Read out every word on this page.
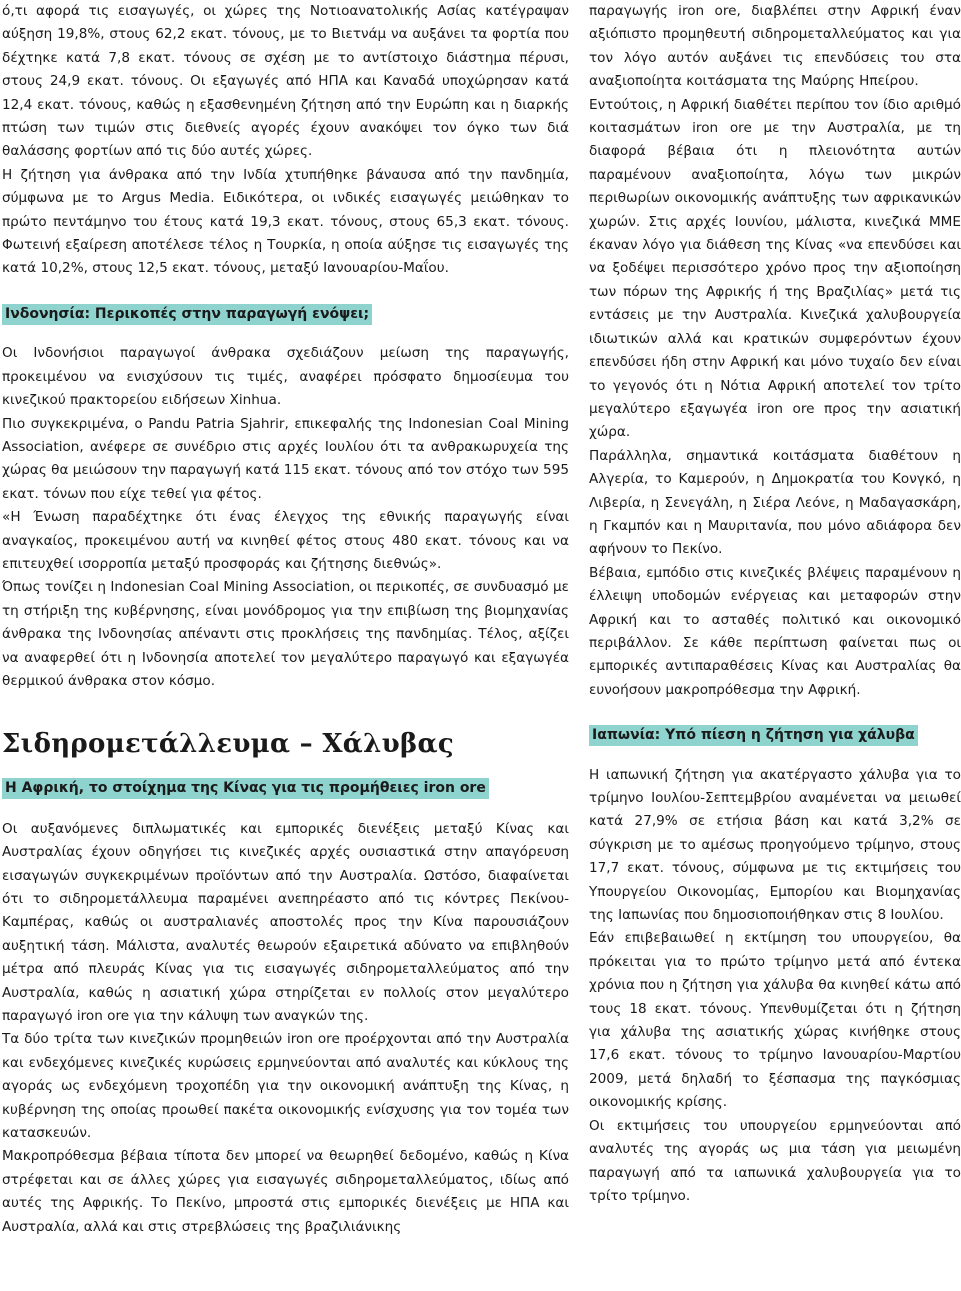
ό,τι αφορά τις εισαγωγές, οι χώρες της Νοτιοανατολικής Ασίας κατέγραψαν αύξηση 19,8%, στους 62,2 εκατ. τόνους, με το Βιετνάμ να αυξάνει τα φορτία που δέχτηκε κατά 7,8 εκατ. τόνους σε σχέση με το αντίστοιχο διάστημα πέρυσι, στους 24,9 εκατ. τόνους. Οι εξαγωγές από ΗΠΑ και Καναδά υποχώρησαν κατά 12,4 εκατ. τόνους, καθώς η εξασθενημένη ζήτηση από την Ευρώπη και η διαρκής πτώση των τιμών στις διεθνείς αγορές έχουν ανακόψει τον όγκο των διά θαλάσσης φορτίων από τις δύο αυτές χώρες.

Η ζήτηση για άνθρακα από την Ινδία χτυπήθηκε βάναυσα από την πανδημία, σύμφωνα με το Argus Media. Ειδικότερα, οι ινδικές εισαγωγές μειώθηκαν το πρώτο πεντάμηνο του έτους κατά 19,3 εκατ. τόνους, στους 65,3 εκατ. τόνους. Φωτεινή εξαίρεση αποτέλεσε τέλος η Τουρκία, η οποία αύξησε τις εισαγωγές της κατά 10,2%, στους 12,5 εκατ. τόνους, μεταξύ Ιανουαρίου-Μαΐου.

Ινδονησία: Περικοπές στην παραγωγή ενόψει;

Οι Ινδονήσιοι παραγωγοί άνθρακα σχεδιάζουν μείωση της παραγωγής, προκειμένου να ενισχύσουν τις τιμές, αναφέρει πρόσφατο δημοσίευμα του κινεζικού πρακτορείου ειδήσεων Xinhua.

Πιο συγκεκριμένα, ο Pandu Patria Sjahrir, επικεφαλής της Indonesian Coal Mining Association, ανέφερε σε συνέδριο στις αρχές Ιουλίου ότι τα ανθρακωρυχεία της χώρας θα μειώσουν την παραγωγή κατά 115 εκατ. τόνους από τον στόχο των 595 εκατ. τόνων που είχε τεθεί για φέτος.

«Η Ένωση παραδέχτηκε ότι ένας έλεγχος της εθνικής παραγωγής είναι αναγκαίος, προκειμένου αυτή να κινηθεί φέτος στους 480 εκατ. τόνους και να επιτευχθεί ισορροπία μεταξύ προσφοράς και ζήτησης διεθνώς».

Όπως τονίζει η Indonesian Coal Mining Association, οι περικοπές, σε συνδυασμό με τη στήριξη της κυβέρνησης, είναι μονόδρομος για την επιβίωση της βιομηχανίας άνθρακα της Ινδονησίας απέναντι στις προκλήσεις της πανδημίας. Τέλος, αξίζει να αναφερθεί ότι η Ινδονησία αποτελεί τον μεγαλύτερο παραγωγό και εξαγωγέα θερμικού άνθρακα στον κόσμο.

Σιδηρομετάλλευμα – Χάλυβας
Η Αφρική, το στοίχημα της Κίνας για τις προμήθειες iron ore

Οι αυξανόμενες διπλωματικές και εμπορικές διενέξεις μεταξύ Κίνας και Αυστραλίας έχουν οδηγήσει τις κινεζικές αρχές ουσιαστικά στην απαγόρευση εισαγωγών συγκεκριμένων προϊόντων από την Αυστραλία. Ωστόσο, διαφαίνεται ότι το σιδηρομετάλλευμα παραμένει ανεπηρέαστο από τις κόντρες Πεκίνου-Καμπέρας, καθώς οι αυστραλιανές αποστολές προς την Κίνα παρουσιάζουν αυξητική τάση. Μάλιστα, αναλυτές θεωρούν εξαιρετικά αδύνατο να επιβληθούν μέτρα από πλευράς Κίνας για τις εισαγωγές σιδηρομεταλλεύματος από την Αυστραλία, καθώς η ασιατική χώρα στηρίζεται εν πολλοίς στον μεγαλύτερο παραγωγό iron ore για την κάλυψη των αναγκών της.

Τα δύο τρίτα των κινεζικών προμηθειών iron ore προέρχονται από την Αυστραλία και ενδεχόμενες κινεζικές κυρώσεις ερμηνεύονται από αναλυτές και κύκλους της αγοράς ως ενδεχόμενη τροχοπέδη για την οικονομική ανάπτυξη της Κίνας, η κυβέρνηση της οποίας προωθεί πακέτα οικονομικής ενίσχυσης για τον τομέα των κατασκευών.

Μακροπρόθεσμα βέβαια τίποτα δεν μπορεί να θεωρηθεί δεδομένο, καθώς η Κίνα στρέφεται και σε άλλες χώρες για εισαγωγές σιδηρομεταλλεύματος, ιδίως από αυτές της Αφρικής. Το Πεκίνο, μπροστά στις εμπορικές διενέξεις με ΗΠΑ και Αυστραλία, αλλά και στις στρεβλώσεις της βραζιλιάνικης

παραγωγής iron ore, διαβλέπει στην Αφρική έναν αξιόπιστο προμηθευτή σιδηρομεταλλεύματος και για τον λόγο αυτόν αυξάνει τις επενδύσεις του στα αναξιοποίητα κοιτάσματα της Μαύρης Ηπείρου.

Εντούτοις, η Αφρική διαθέτει περίπου τον ίδιο αριθμό κοιτασμάτων iron ore με την Αυστραλία, με τη διαφορά βέβαια ότι η πλειονότητα αυτών παραμένουν αναξιοποίητα, λόγω των μικρών περιθωρίων οικονομικής ανάπτυξης των αφρικανικών χωρών. Στις αρχές Ιουνίου, μάλιστα, κινεζικά ΜΜΕ έκαναν λόγο για διάθεση της Κίνας «να επενδύσει και να ξοδέψει περισσότερο χρόνο προς την αξιοποίηση των πόρων της Αφρικής ή της Βραζιλίας» μετά τις εντάσεις με την Αυστραλία. Κινεζικά χαλυβουργεία ιδιωτικών αλλά και κρατικών συμφερόντων έχουν επενδύσει ήδη στην Αφρική και μόνο τυχαίο δεν είναι το γεγονός ότι η Νότια Αφρική αποτελεί τον τρίτο μεγαλύτερο εξαγωγέα iron ore προς την ασιατική χώρα.

Παράλληλα, σημαντικά κοιτάσματα διαθέτουν η Αλγερία, το Καμερούν, η Δημοκρατία του Κονγκό, η Λιβερία, η Σενεγάλη, η Σιέρα Λεόνε, η Μαδαγασκάρη, η Γκαμπόν και η Μαυριτανία, που μόνο αδιάφορα δεν αφήνουν το Πεκίνο.

Βέβαια, εμπόδιο στις κινεζικές βλέψεις παραμένουν η έλλειψη υποδομών ενέργειας και μεταφορών στην Αφρική και το ασταθές πολιτικό και οικονομικό περιβάλλον. Σε κάθε περίπτωση φαίνεται πως οι εμπορικές αντιπαραθέσεις Κίνας και Αυστραλίας θα ευνοήσουν μακροπρόθεσμα την Αφρική.

Ιαπωνία: Υπό πίεση η ζήτηση για χάλυβα

Η ιαπωνική ζήτηση για ακατέργαστο χάλυβα για το τρίμηνο Ιουλίου-Σεπτεμβρίου αναμένεται να μειωθεί κατά 27,9% σε ετήσια βάση και κατά 3,2% σε σύγκριση με το αμέσως προηγούμενο τρίμηνο, στους 17,7 εκατ. τόνους, σύμφωνα με τις εκτιμήσεις του Υπουργείου Οικονομίας, Εμπορίου και Βιομηχανίας της Ιαπωνίας που δημοσιοποιήθηκαν στις 8 Ιουλίου.

Εάν επιβεβαιωθεί η εκτίμηση του υπουργείου, θα πρόκειται για το πρώτο τρίμηνο μετά από έντεκα χρόνια που η ζήτηση για χάλυβα θα κινηθεί κάτω από τους 18 εκατ. τόνους. Υπενθυμίζεται ότι η ζήτηση για χάλυβα της ασιατικής χώρας κινήθηκε στους 17,6 εκατ. τόνους το τρίμηνο Ιανουαρίου-Μαρτίου 2009, μετά δηλαδή το ξέσπασμα της παγκόσμιας οικονομικής κρίσης.

Οι εκτιμήσεις του υπουργείου ερμηνεύονται από αναλυτές της αγοράς ως μια τάση για μειωμένη παραγωγή από τα ιαπωνικά χαλυβουργεία για το τρίτο τρίμηνο.
